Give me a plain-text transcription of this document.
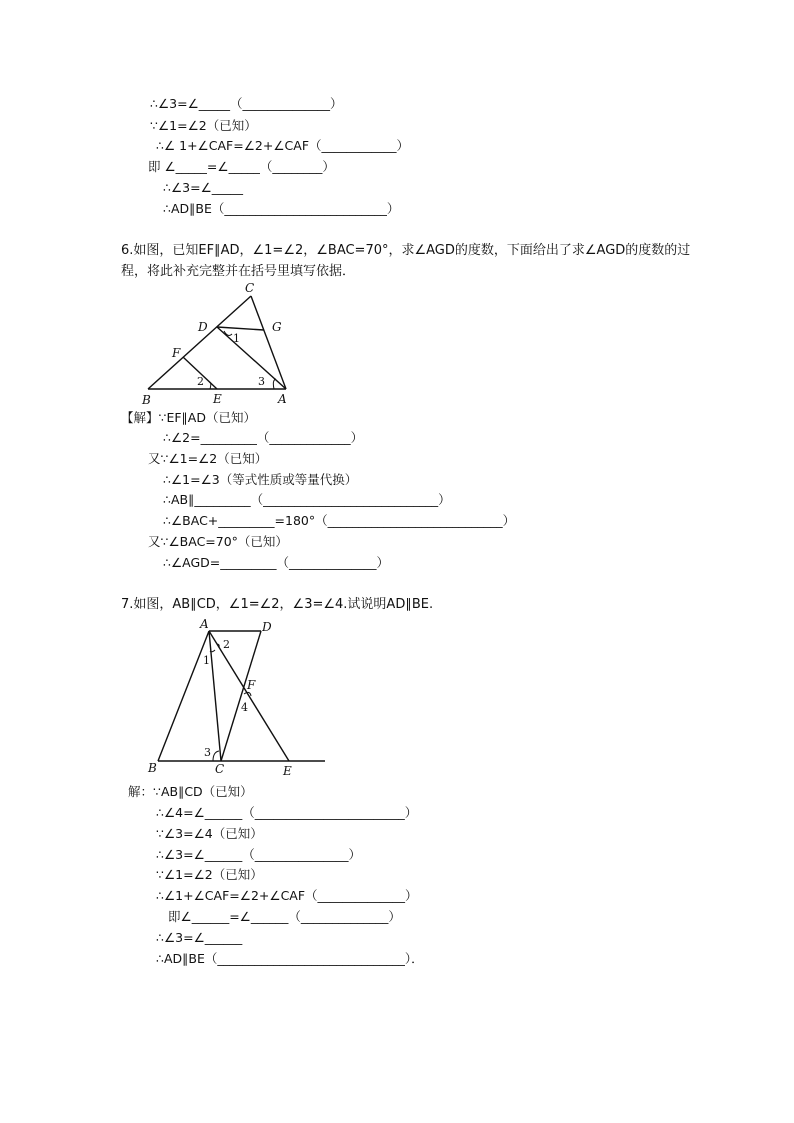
∴∠3=∠_____（______________）
∵∠1=∠2（已知）
∴∠ 1+∠CAF=∠2+∠CAF（____________）
即 ∠_____=∠_____（________）
∴∠3=∠_____
∴AD∥BE（__________________________）
6.如图，已知EF∥AD，∠1=∠2，∠BAC=70°，求∠AGD的度数，下面给出了求∠AGD的度数的过
程，将此补充完整并在括号里填写依据．
C
D	G
F
B	E	A
1
2	3
【解】∵EF∥AD（已知）
∴∠2=_________（_____________）
又∵∠1=∠2（已知）
∴∠1=∠3（等式性质或等量代换）
∴AB∥_________（____________________________）
∴∠BAC+_________=180°（____________________________）
又∵∠BAC=70°（已知）
∴∠AGD=_________（______________）
7.如图，AB∥CD，∠1=∠2，∠3=∠4.试说明AD∥BE.
A	D
F
B	C	E
1
2
3
4
解：∵AB∥CD（已知）
∴∠4=∠______（________________________）
∵∠3=∠4（已知）
∴∠3=∠______（_______________）
∵∠1=∠2（已知）
∴∠1+∠CAF=∠2+∠CAF（______________）
即∠______=∠______（______________）
∴∠3=∠______
∴AD∥BE（______________________________）．
